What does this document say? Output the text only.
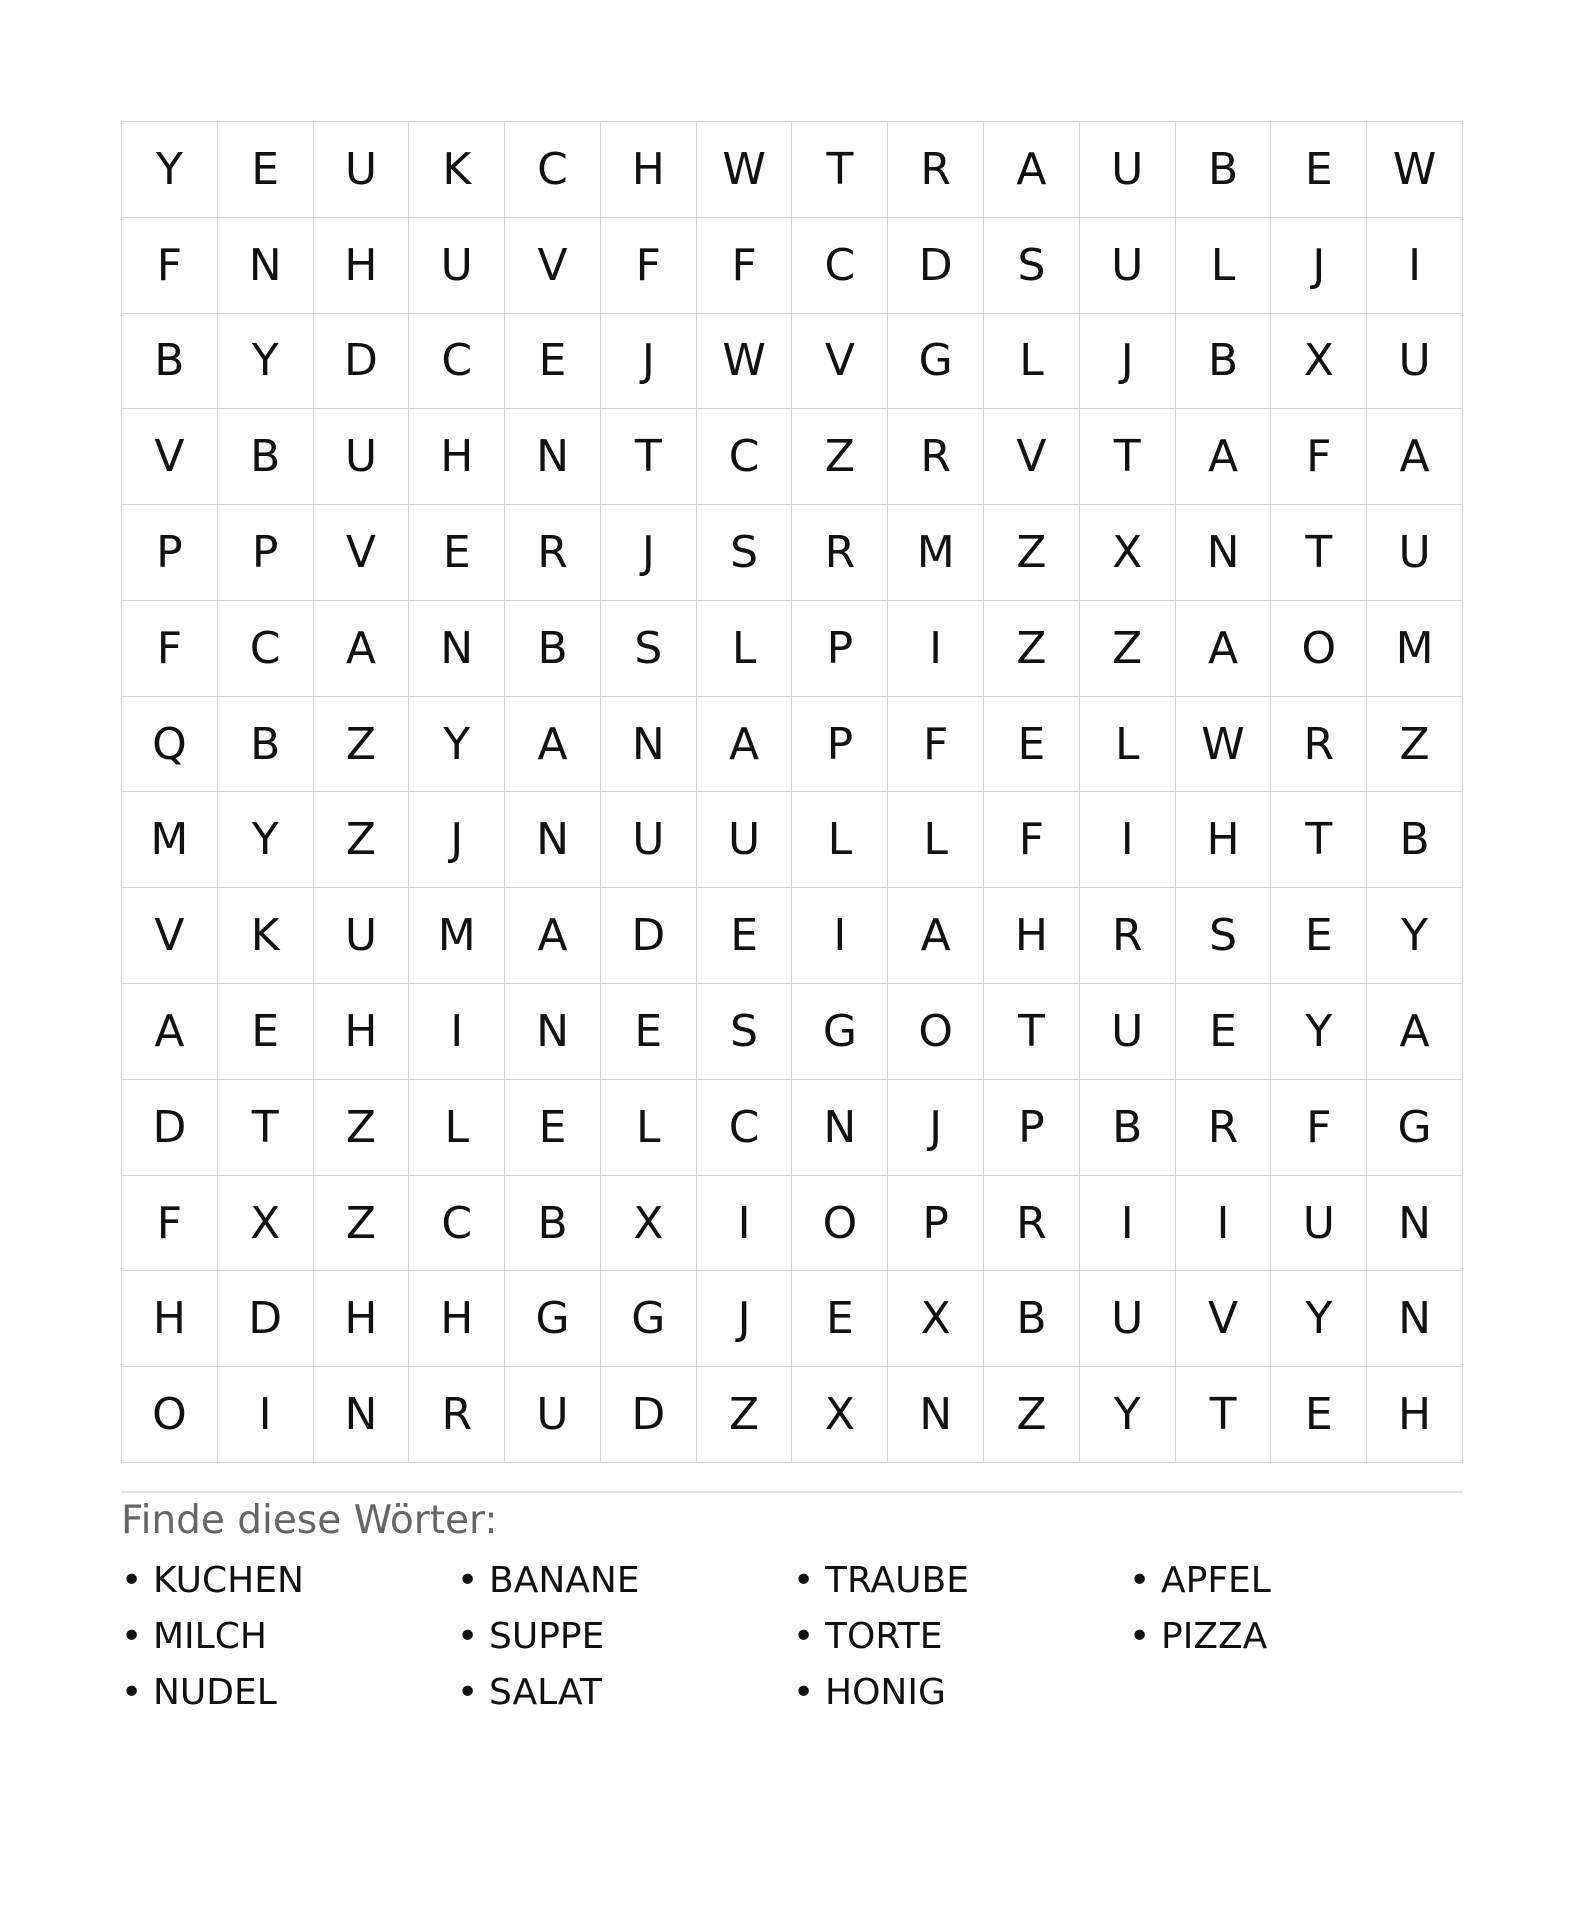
Y	E	U	K	C	H	W	T	R	A	U	B	E	W
F	N	H	U	V	F	F	C	D	S	U	L	J	I
B	Y	D	C	E	J	W	V	G	L	J	B	X	U
V	B	U	H	N	T	C	Z	R	V	T	A	F	A
P	P	V	E	R	J	S	R	M	Z	X	N	T	U
F	C	A	N	B	S	L	P	I	Z	Z	A	O	M
Q	B	Z	Y	A	N	A	P	F	E	L	W	R	Z
M	Y	Z	J	N	U	U	L	L	F	I	H	T	B
V	K	U	M	A	D	E	I	A	H	R	S	E	Y
A	E	H	I	N	E	S	G	O	T	U	E	Y	A
D	T	Z	L	E	L	C	N	J	P	B	R	F	G
F	X	Z	C	B	X	I	O	P	R	I	I	U	N
H	D	H	H	G	G	J	E	X	B	U	V	Y	N
O	I	N	R	U	D	Z	X	N	Z	Y	T	E	H
Finde diese Wörter:
• KUCHEN
• MILCH
• NUDEL
• BANANE
• SUPPE
• SALAT
• TRAUBE
• TORTE
• HONIG
• APFEL
• PIZZA
